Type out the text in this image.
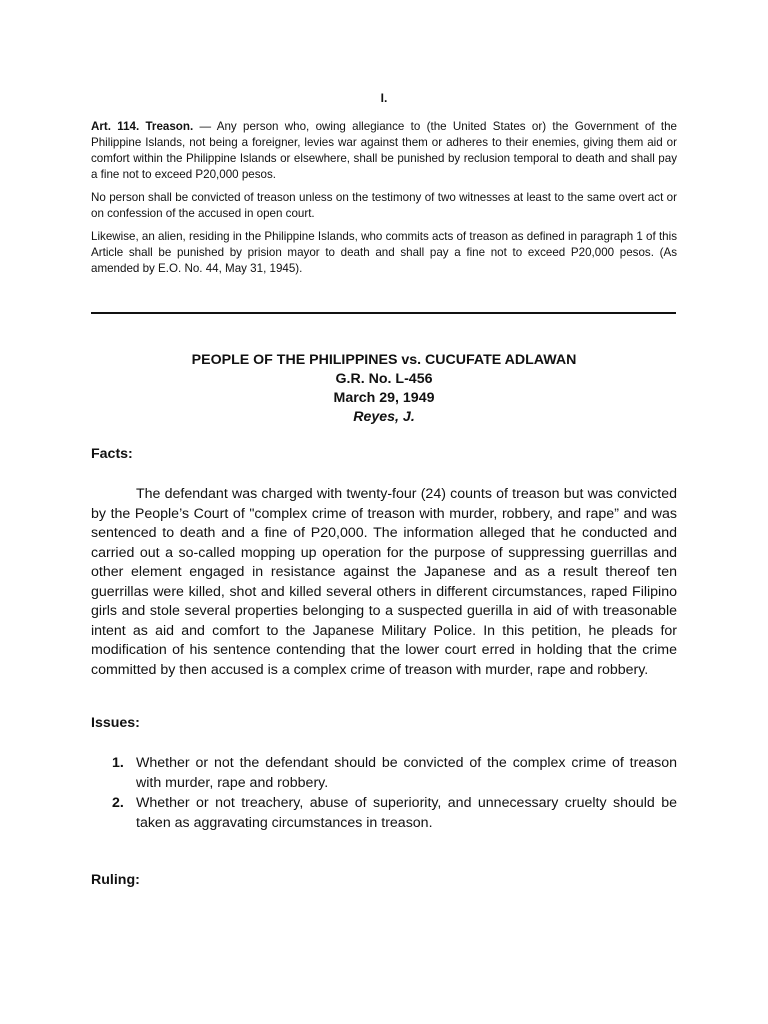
I.

Art. 114. Treason. — Any person who, owing allegiance to (the United States or) the Government of the Philippine Islands, not being a foreigner, levies war against them or adheres to their enemies, giving them aid or comfort within the Philippine Islands or elsewhere, shall be punished by reclusion temporal to death and shall pay a fine not to exceed P20,000 pesos.

No person shall be convicted of treason unless on the testimony of two witnesses at least to the same overt act or on confession of the accused in open court.

Likewise, an alien, residing in the Philippine Islands, who commits acts of treason as defined in paragraph 1 of this Article shall be punished by prision mayor to death and shall pay a fine not to exceed P20,000 pesos. (As amended by E.O. No. 44, May 31, 1945).

PEOPLE OF THE PHILIPPINES vs. CUCUFATE ADLAWAN
G.R. No. L-456
March 29, 1949
Reyes, J.
Facts:

The defendant was charged with twenty-four (24) counts of treason but was convicted by the People’s Court of "complex crime of treason with murder, robbery, and rape” and was sentenced to death and a fine of P20,000. The information alleged that he conducted and carried out a so-called mopping up operation for the purpose of suppressing guerrillas and other element engaged in resistance against the Japanese and as a result thereof ten guerrillas were killed, shot and killed several others in different circumstances, raped Filipino girls and stole several properties belonging to a suspected guerilla in aid of with treasonable intent as aid and comfort to the Japanese Military Police. In this petition, he pleads for modification of his sentence contending that the lower court erred in holding that the crime committed by then accused is a complex crime of treason with murder, rape and robbery.

Issues:
1. Whether or not the defendant should be convicted of the complex crime of treason with murder, rape and robbery.
2. Whether or not treachery, abuse of superiority, and unnecessary cruelty should be taken as aggravating circumstances in treason.
Ruling:
